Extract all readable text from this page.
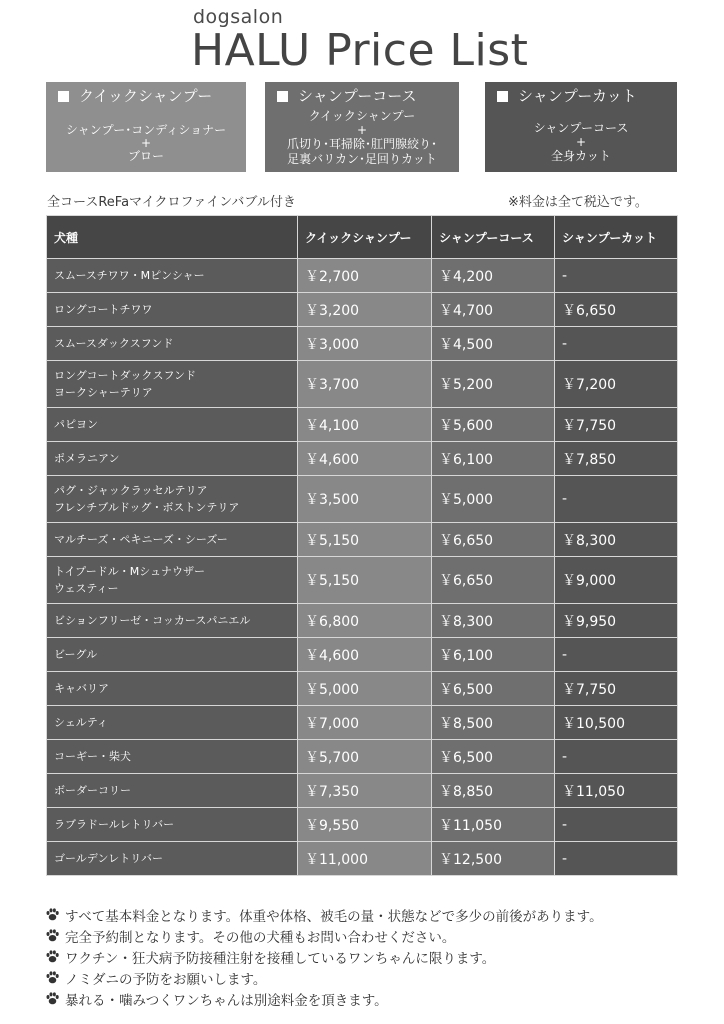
dogsalon
HALU Price List
クイックシャンプー
シャンプー･コンディショナー
+
ブロー
シャンプーコース
クイックシャンプー
+
爪切り･耳掃除･肛門腺絞り･
足裏バリカン･足回りカット
シャンプーカット
シャンプーコース
+
全身カット
全コースReFaマイクロファインバブル付き	※料金は全て税込です。
犬種	クイックシャンプー	シャンプーコース	シャンプーカット
スムースチワワ・Mピンシャー	￥2,700	￥4,200	-
ロングコートチワワ	￥3,200	￥4,700	￥6,650
スムースダックスフンド	￥3,000	￥4,500	-
ロングコートダックスフンド
ヨークシャーテリア	￥3,700	￥5,200	￥7,200
パピヨン	￥4,100	￥5,600	￥7,750
ポメラニアン	￥4,600	￥6,100	￥7,850
パグ・ジャックラッセルテリア
フレンチブルドッグ・ボストンテリア	￥3,500	￥5,000	-
マルチーズ・ペキニーズ・シーズー	￥5,150	￥6,650	￥8,300
トイプードル・Mシュナウザー
ウェスティー	￥5,150	￥6,650	￥9,000
ビションフリーゼ・コッカースパニエル	￥6,800	￥8,300	￥9,950
ビーグル	￥4,600	￥6,100	-
キャバリア	￥5,000	￥6,500	￥7,750
シェルティ	￥7,000	￥8,500	￥10,500
コーギー・柴犬	￥5,700	￥6,500	-
ボーダーコリー	￥7,350	￥8,850	￥11,050
ラブラドールレトリバー	￥9,550	￥11,050	-
ゴールデンレトリバー	￥11,000	￥12,500	-
すべて基本料金となります。体重や体格、被毛の量・状態などで多少の前後があります。
完全予約制となります。その他の犬種もお問い合わせください。
ワクチン・狂犬病予防接種注射を接種しているワンちゃんに限ります。
ノミダニの予防をお願いします。
暴れる・噛みつくワンちゃんは別途料金を頂きます。
